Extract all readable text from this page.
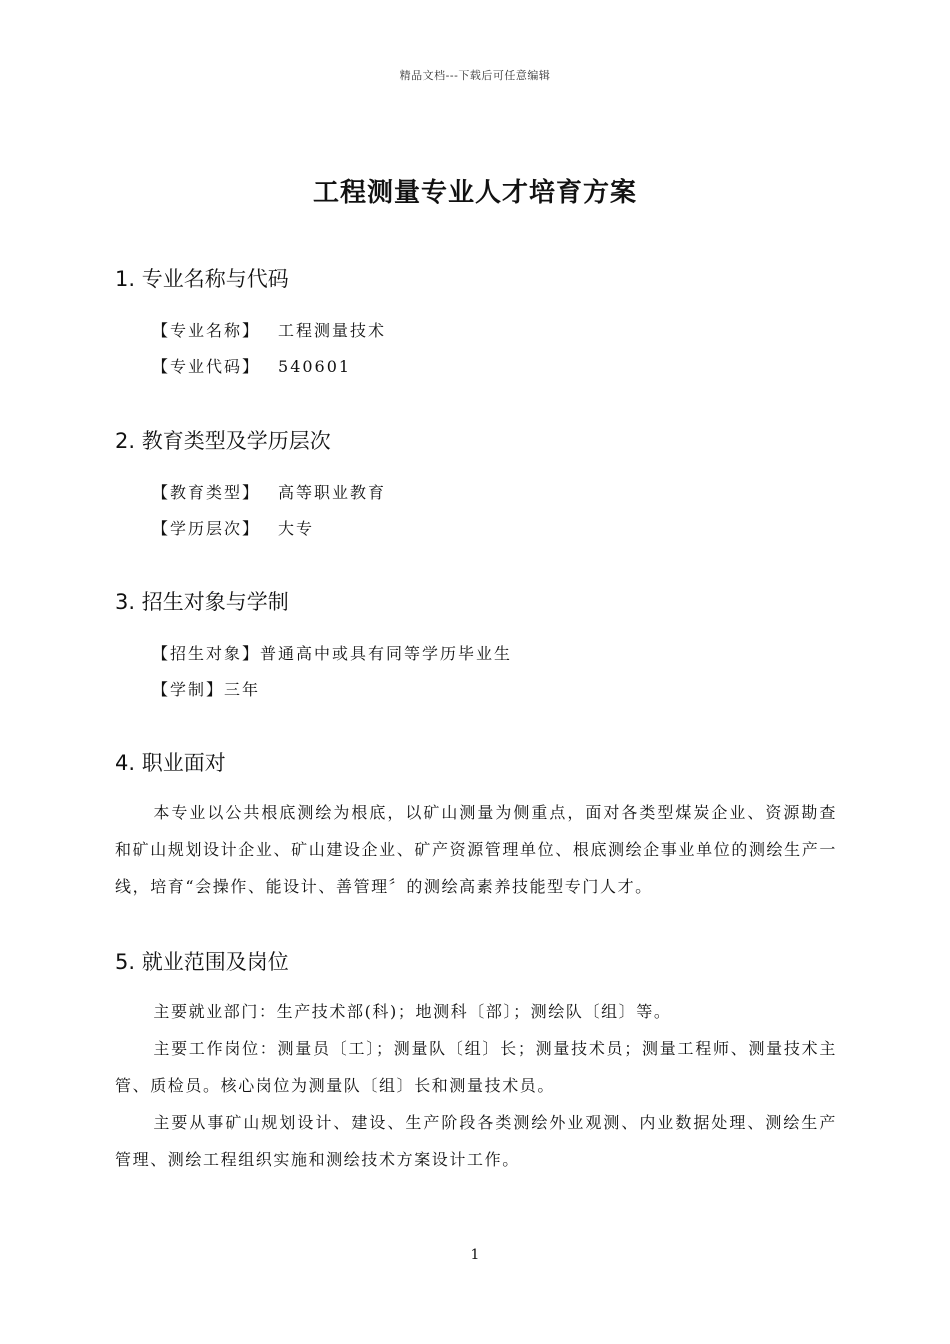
精品文档---下载后可任意编辑
工程测量专业人才培育方案
1. 专业名称与代码
【专业名称】 工程测量技术
【专业代码】 540601
2. 教育类型及学历层次
【教育类型】 高等职业教育
【学历层次】 大专
3. 招生对象与学制
【招生对象】普通高中或具有同等学历毕业生
【学制】三年
4. 职业面对
本专业以公共根底测绘为根底，以矿山测量为侧重点，面对各类型煤炭企业、资源勘查和矿山规划设计企业、矿山建设企业、矿产资源管理单位、根底测绘企事业单位的测绘生产一线，培育“会操作、能设计、善管理〞的测绘高素养技能型专门人才。
5. 就业范围及岗位
主要就业部门：生产技术部(科)；地测科〔部〕；测绘队〔组〕等。
主要工作岗位：测量员〔工〕；测量队〔组〕长；测量技术员；测量工程师、测量技术主管、质检员。核心岗位为测量队〔组〕长和测量技术员。
主要从事矿山规划设计、建设、生产阶段各类测绘外业观测、内业数据处理、测绘生产管理、测绘工程组织实施和测绘技术方案设计工作。
1
